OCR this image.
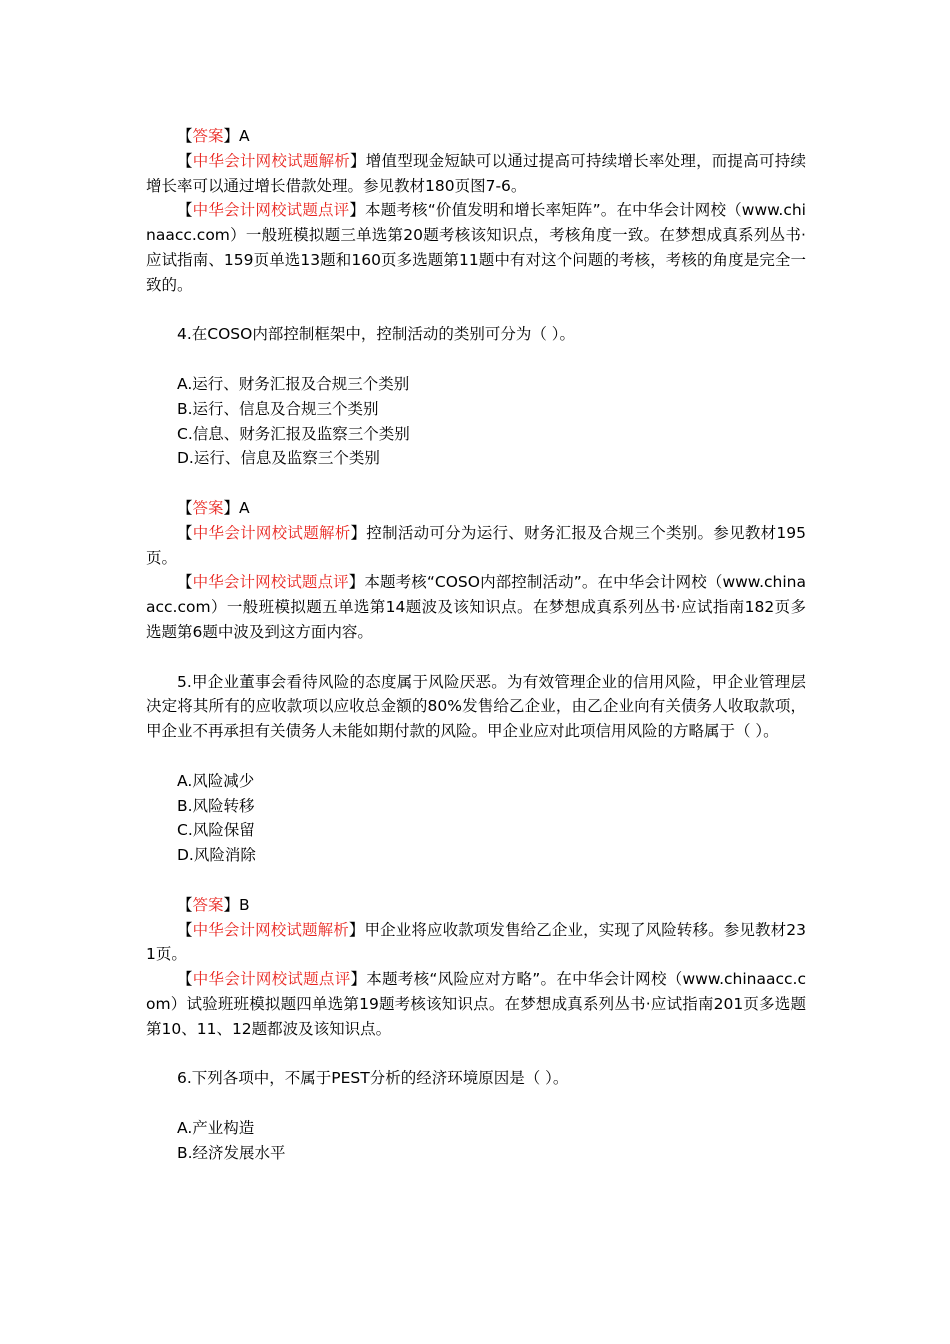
【答案】A

【中华会计网校试题解析】增值型现金短缺可以通过提高可持续增长率处理，而提高可持续增长率可以通过增长借款处理。参见教材180页图7-6。

【中华会计网校试题点评】本题考核“价值发明和增长率矩阵”。在中华会计网校（www.chinaacc.com）一般班模拟题三单选第20题考核该知识点，考核角度一致。在梦想成真系列丛书·应试指南、159页单选13题和160页多选题第11题中有对这个问题的考核，考核的角度是完全一致的。

4.在COSO内部控制框架中，控制活动的类别可分为（ ）。

A.运行、财务汇报及合规三个类别

B.运行、信息及合规三个类别

C.信息、财务汇报及监察三个类别

D.运行、信息及监察三个类别

【答案】A

【中华会计网校试题解析】控制活动可分为运行、财务汇报及合规三个类别。参见教材195页。

【中华会计网校试题点评】本题考核“COSO内部控制活动”。在中华会计网校（www.chinaacc.com）一般班模拟题五单选第14题波及该知识点。在梦想成真系列丛书·应试指南182页多选题第6题中波及到这方面内容。

5.甲企业董事会看待风险的态度属于风险厌恶。为有效管理企业的信用风险，甲企业管理层决定将其所有的应收款项以应收总金额的80%发售给乙企业，由乙企业向有关债务人收取款项，甲企业不再承担有关债务人未能如期付款的风险。甲企业应对此项信用风险的方略属于（ ）。

A.风险减少

B.风险转移

C.风险保留

D.风险消除

【答案】B

【中华会计网校试题解析】甲企业将应收款项发售给乙企业，实现了风险转移。参见教材231页。

【中华会计网校试题点评】本题考核“风险应对方略”。在中华会计网校（www.chinaacc.com）试验班班模拟题四单选第19题考核该知识点。在梦想成真系列丛书·应试指南201页多选题第10、11、12题都波及该知识点。

6.下列各项中，不属于PEST分析的经济环境原因是（ ）。

A.产业构造

B.经济发展水平
